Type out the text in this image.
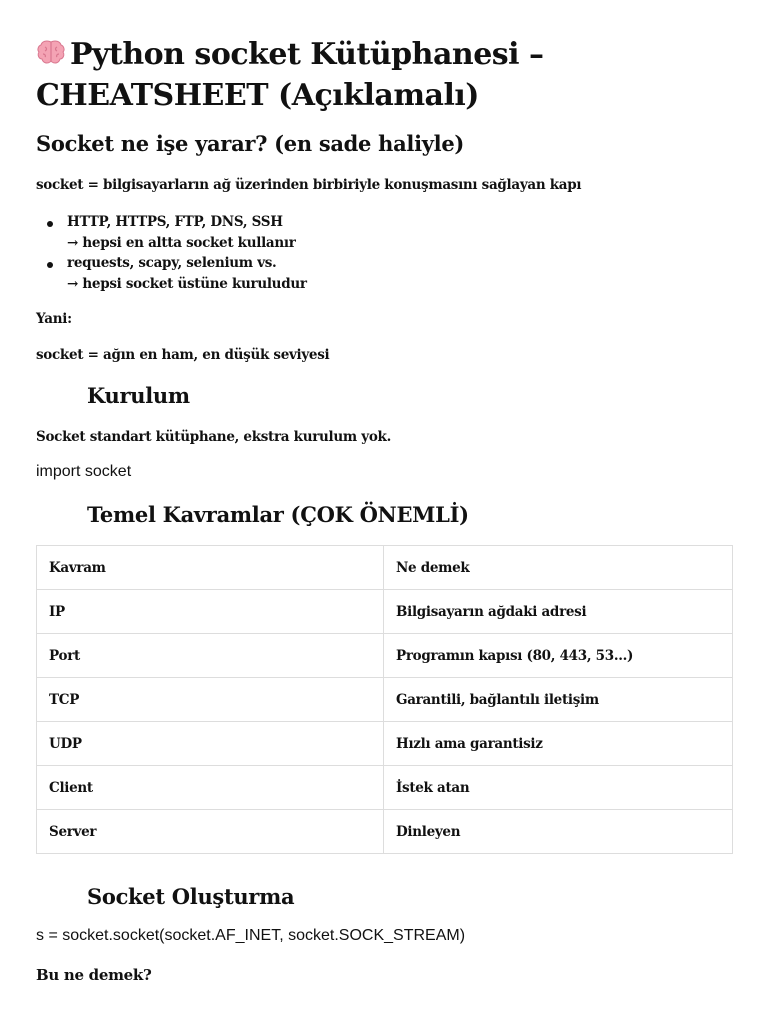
Python socket Kütüphanesi – CHEATSHEET (Açıklamalı)
Socket ne işe yarar? (en sade haliyle)

socket = bilgisayarların ağ üzerinden birbiriyle konuşmasını sağlayan kapı

HTTP, HTTPS, FTP, DNS, SSH
→ hepsi en altta socket kullanır
requests, scapy, selenium vs.
→ hepsi socket üstüne kuruludur

Yani:

socket = ağın en ham, en düşük seviyesi

Kurulum

Socket standart kütüphane, ekstra kurulum yok.

import socket

Temel Kavramlar (ÇOK ÖNEMLİ)
Kavram	Ne demek
IP	Bilgisayarın ağdaki adresi
Port	Programın kapısı (80, 443, 53...)
TCP	Garantili, bağlantılı iletişim
UDP	Hızlı ama garantisiz
Client	İstek atan
Server	Dinleyen
Socket Oluşturma

s = socket.socket(socket.AF_INET, socket.SOCK_STREAM)

Bu ne demek?
